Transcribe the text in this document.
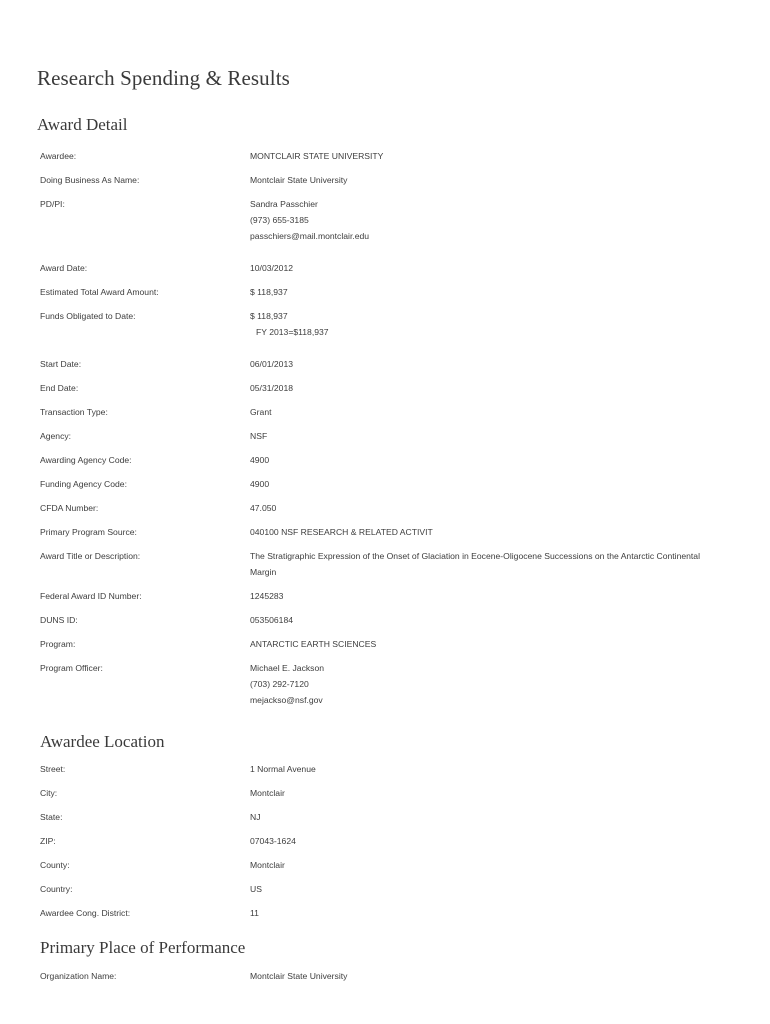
Research Spending & Results
Award Detail
Awardee:	MONTCLAIR STATE UNIVERSITY
Doing Business As Name:	Montclair State University
PD/PI:	Sandra Passchier
(973) 655-3185
passchiers@mail.montclair.edu
Award Date:	10/03/2012
Estimated Total Award Amount:	$ 118,937
Funds Obligated to Date:	$ 118,937
FY 2013=$118,937
Start Date:	06/01/2013
End Date:	05/31/2018
Transaction Type:	Grant
Agency:	NSF
Awarding Agency Code:	4900
Funding Agency Code:	4900
CFDA Number:	47.050
Primary Program Source:	040100 NSF RESEARCH & RELATED ACTIVIT
Award Title or Description:	The Stratigraphic Expression of the Onset of Glaciation in Eocene-Oligocene Successions on the Antarctic Continental
Margin
Federal Award ID Number:	1245283
DUNS ID:	053506184
Program:	ANTARCTIC EARTH SCIENCES
Program Officer:	Michael E. Jackson
(703) 292-7120
mejackso@nsf.gov
Awardee Location
Street:	1 Normal Avenue
City:	Montclair
State:	NJ
ZIP:	07043-1624
County:	Montclair
Country:	US
Awardee Cong. District:	11
Primary Place of Performance
Organization Name:	Montclair State University
